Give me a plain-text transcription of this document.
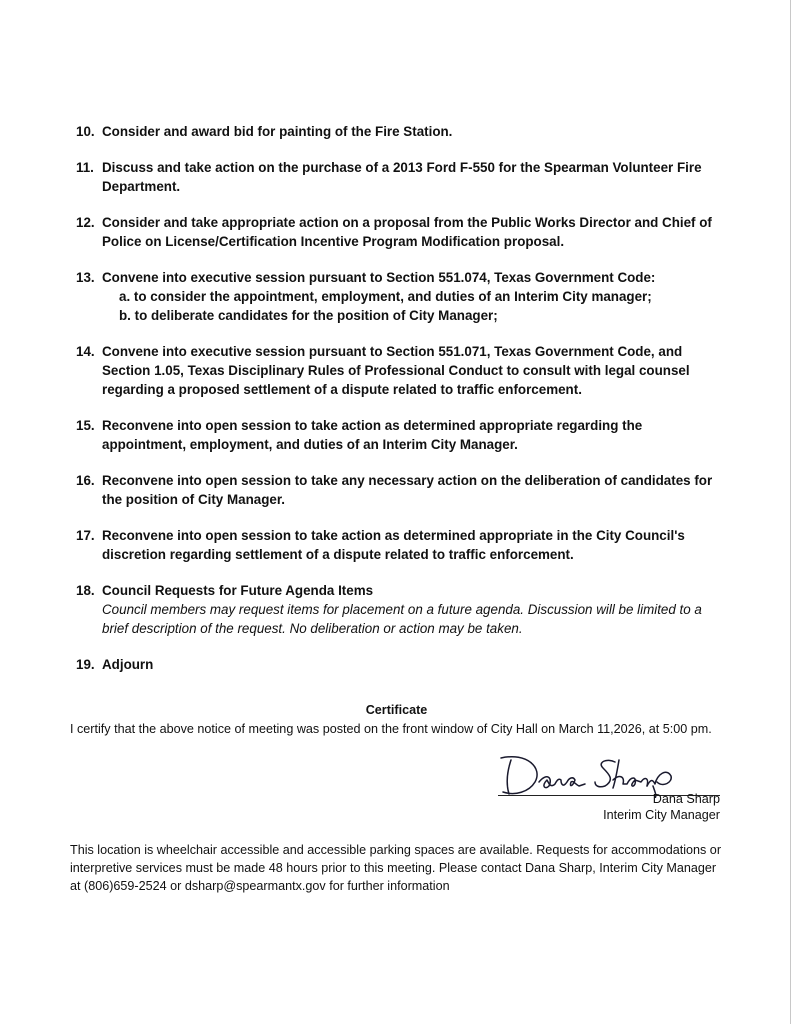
10. Consider and award bid for painting of the Fire Station.
11. Discuss and take action on the purchase of a 2013 Ford F-550 for the Spearman Volunteer Fire Department.
12. Consider and take appropriate action on a proposal from the Public Works Director and Chief of Police on License/Certification Incentive Program Modification proposal.
13. Convene into executive session pursuant to Section 551.074, Texas Government Code:
a. to consider the appointment, employment, and duties of an Interim City manager;
b. to deliberate candidates for the position of City Manager;
14. Convene into executive session pursuant to Section 551.071, Texas Government Code, and Section 1.05, Texas Disciplinary Rules of Professional Conduct to consult with legal counsel regarding a proposed settlement of a dispute related to traffic enforcement.
15. Reconvene into open session to take action as determined appropriate regarding the appointment, employment, and duties of an Interim City Manager.
16. Reconvene into open session to take any necessary action on the deliberation of candidates for the position of City Manager.
17. Reconvene into open session to take action as determined appropriate in the City Council's discretion regarding settlement of a dispute related to traffic enforcement.
18. Council Requests for Future Agenda Items
Council members may request items for placement on a future agenda. Discussion will be limited to a brief description of the request. No deliberation or action may be taken.
19. Adjourn
Certificate
I certify that the above notice of meeting was posted on the front window of City Hall on March 11,2026, at 5:00 pm.
Dana Sharp
Interim City Manager
This location is wheelchair accessible and accessible parking spaces are available. Requests for accommodations or interpretive services must be made 48 hours prior to this meeting. Please contact Dana Sharp, Interim City Manager at (806)659-2524 or dsharp@spearmantx.gov for further information
